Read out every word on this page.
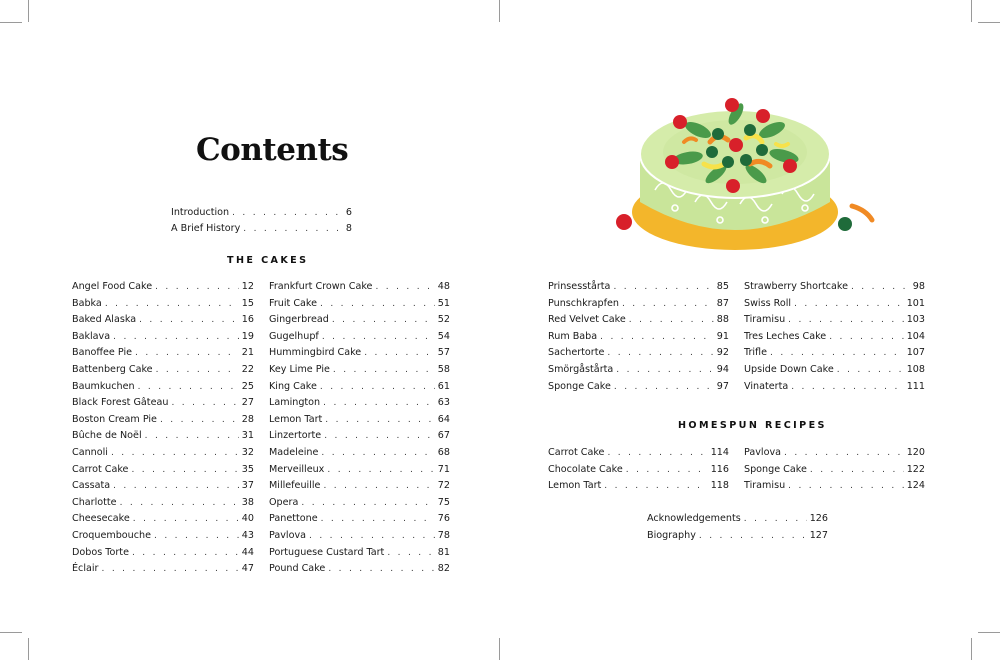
Contents
Introduction . . .	6
A Brief History . . .	8
THE CAKES
HOMESPUN RECIPES
Angel Food Cake . . .	12
Babka . . .	15
Baked Alaska . . .	16
Baklava . . .	19
Banoffee Pie . . .	21
Battenberg Cake . . .	22
Baumkuchen . . .	25
Black Forest Gâteau . . .	27
Boston Cream Pie . . .	28
Bûche de Noël . . .	31
Cannoli . . .	32
Carrot Cake . . .	35
Cassata . . .	37
Charlotte . . .	38
Cheesecake . . .	40
Croquembouche . . .	43
Dobos Torte . . .	44
Éclair . . .	47
Frankfurt Crown Cake . . .	48
Fruit Cake . . .	51
Gingerbread . . .	52
Gugelhupf . . .	54
Hummingbird Cake . . .	57
Key Lime Pie . . .	58
King Cake . . .	61
Lamington . . .	63
Lemon Tart . . .	64
Linzertorte . . .	67
Madeleine . . .	68
Merveilleux . . .	71
Millefeuille . . .	72
Opera . . .	75
Panettone . . .	76
Pavlova . . .	78
Portuguese Custard Tart . . .	81
Pound Cake . . .	82
Prinsesstårta . . .	85
Punschkrapfen . . .	87
Red Velvet Cake . . .	88
Rum Baba . . .	91
Sachertorte . . .	92
Smörgåstårta . . .	94
Sponge Cake . . .	97
Strawberry Shortcake . . .	98
Swiss Roll . . .	101
Tiramisu . . .	103
Tres Leches Cake . . .	104
Trifle . . .	107
Upside Down Cake . . .	108
Vinaterta . . .	111
Carrot Cake . . .	114
Chocolate Cake . . .	116
Lemon Tart . . .	118
Pavlova . . .	120
Sponge Cake . . .	122
Tiramisu . . .	124
Acknowledgements . . .	126
Biography . . .	127
